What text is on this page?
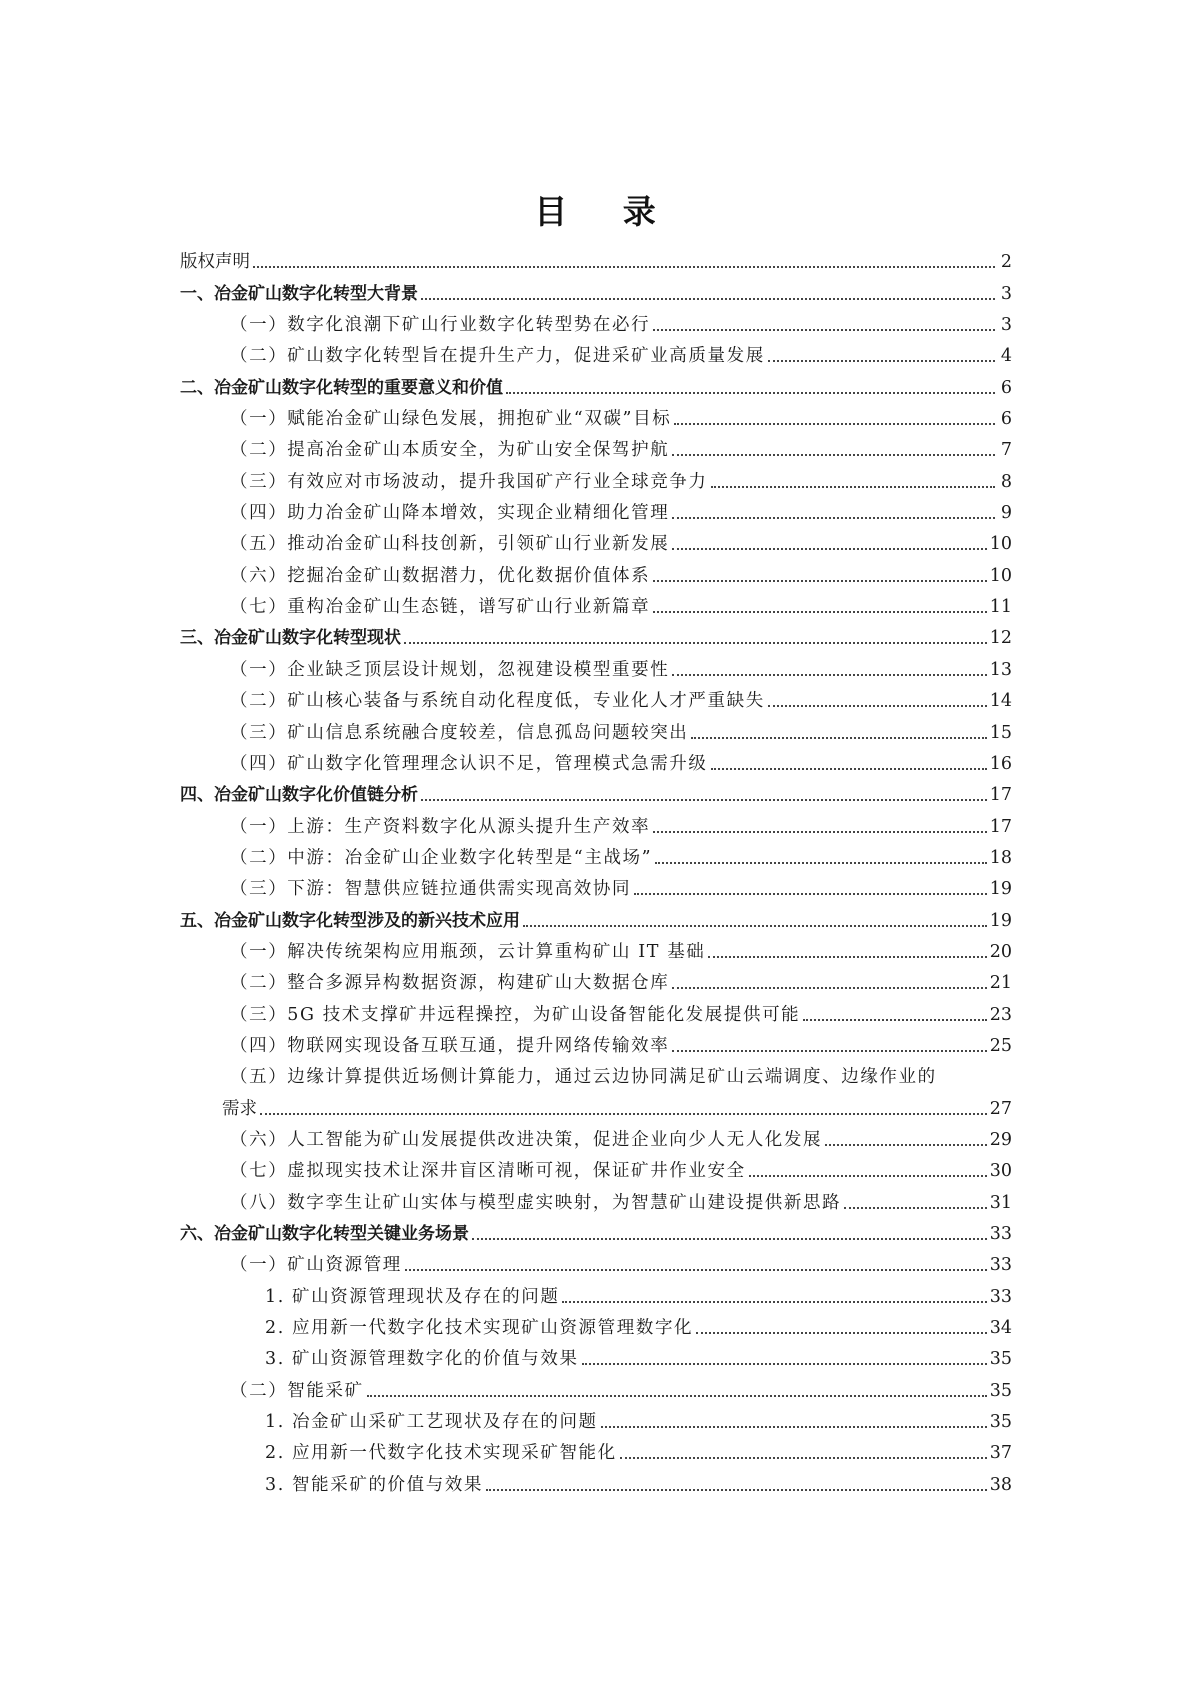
目 录
版权声明	2
一、冶金矿山数字化转型大背景	3
（一）数字化浪潮下矿山行业数字化转型势在必行	3
（二）矿山数字化转型旨在提升生产力，促进采矿业高质量发展	4
二、冶金矿山数字化转型的重要意义和价值	6
（一）赋能冶金矿山绿色发展，拥抱矿业“双碳”目标	6
（二）提高冶金矿山本质安全，为矿山安全保驾护航	7
（三）有效应对市场波动，提升我国矿产行业全球竞争力	8
（四）助力冶金矿山降本增效，实现企业精细化管理	9
（五）推动冶金矿山科技创新，引领矿山行业新发展	10
（六）挖掘冶金矿山数据潜力，优化数据价值体系	10
（七）重构冶金矿山生态链，谱写矿山行业新篇章	11
三、冶金矿山数字化转型现状	12
（一）企业缺乏顶层设计规划，忽视建设模型重要性	13
（二）矿山核心装备与系统自动化程度低，专业化人才严重缺失	14
（三）矿山信息系统融合度较差，信息孤岛问题较突出	15
（四）矿山数字化管理理念认识不足，管理模式急需升级	16
四、冶金矿山数字化价值链分析	17
（一）上游：生产资料数字化从源头提升生产效率	17
（二）中游：冶金矿山企业数字化转型是“主战场”	18
（三）下游：智慧供应链拉通供需实现高效协同	19
五、冶金矿山数字化转型涉及的新兴技术应用	19
（一）解决传统架构应用瓶颈，云计算重构矿山 IT 基础	20
（二）整合多源异构数据资源，构建矿山大数据仓库	21
（三）5G 技术支撑矿井远程操控，为矿山设备智能化发展提供可能	23
（四）物联网实现设备互联互通，提升网络传输效率	25
（五）边缘计算提供近场侧计算能力，通过云边协同满足矿山云端调度、边缘作业的
需求	27
（六）人工智能为矿山发展提供改进决策，促进企业向少人无人化发展	29
（七）虚拟现实技术让深井盲区清晰可视，保证矿井作业安全	30
（八）数字孪生让矿山实体与模型虚实映射，为智慧矿山建设提供新思路	31
六、冶金矿山数字化转型关键业务场景	33
（一）矿山资源管理	33
1. 矿山资源管理现状及存在的问题	33
2. 应用新一代数字化技术实现矿山资源管理数字化	34
3. 矿山资源管理数字化的价值与效果	35
（二）智能采矿	35
1. 冶金矿山采矿工艺现状及存在的问题	35
2. 应用新一代数字化技术实现采矿智能化	37
3. 智能采矿的价值与效果	38
